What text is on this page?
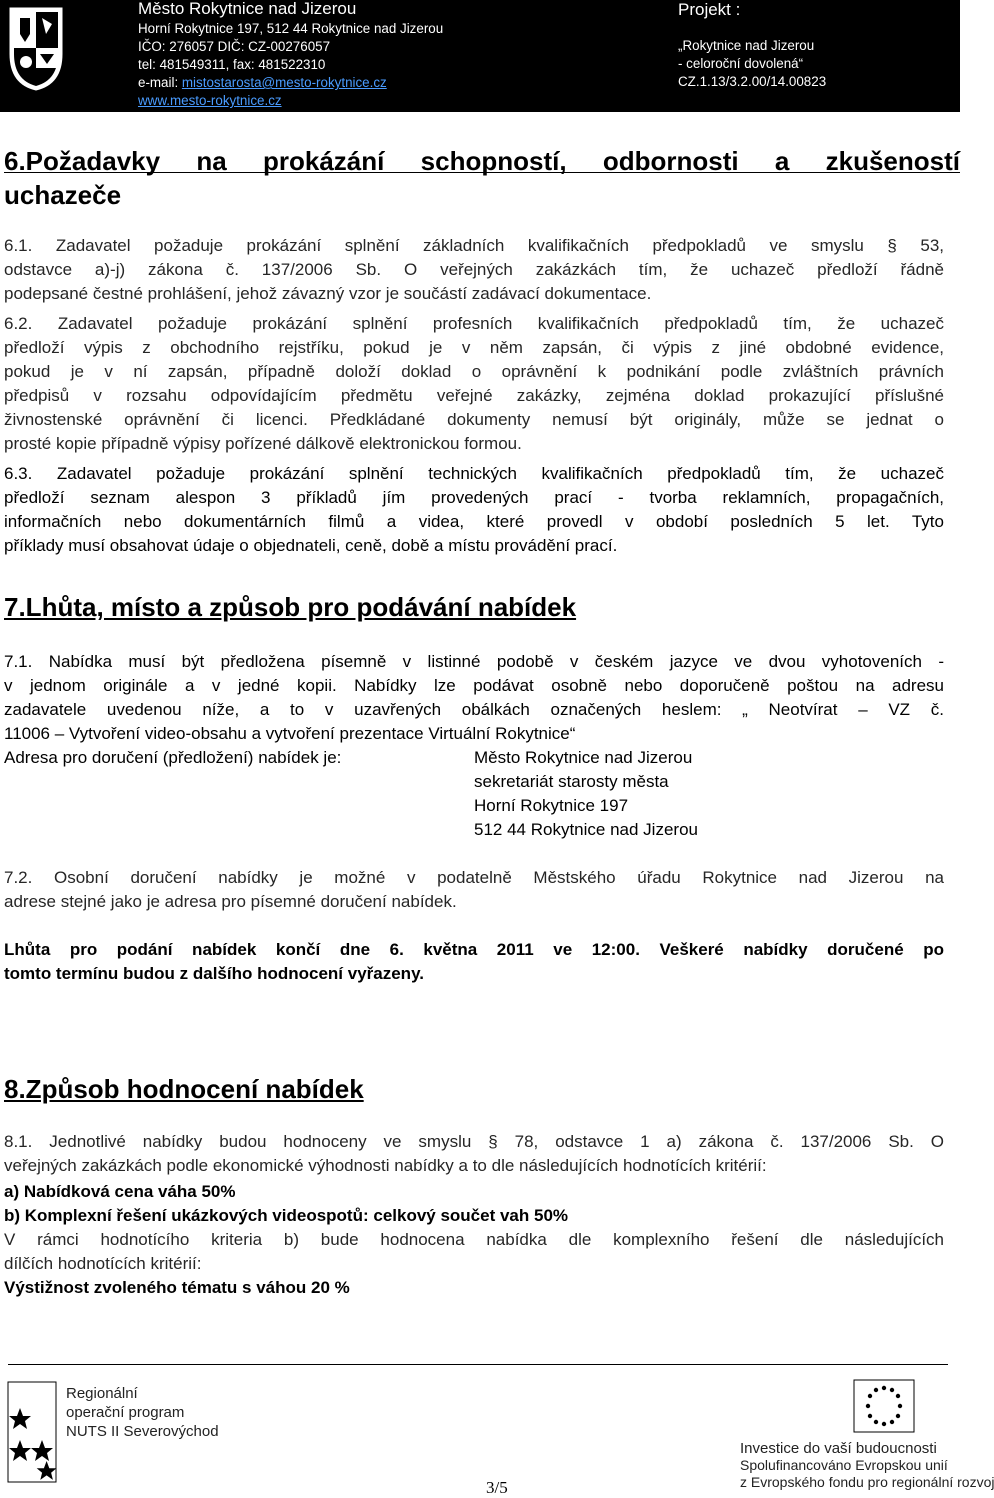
Město Rokytnice nad Jizerou
Horní Rokytnice 197, 512 44 Rokytnice nad Jizerou
IČO: 276057 DIČ: CZ-00276057
tel: 481549311, fax: 481522310
e-mail: mistostarosta@mesto-rokytnice.cz
www.mesto-rokytnice.cz
Projekt :
„Rokytnice nad Jizerou
- celoroční dovolená“
CZ.1.13/3.2.00/14.00823
6.Požadavky na prokázání schopností, odbornosti a zkušeností
uchazeče
6.1. Zadavatel požaduje prokázání splnění základních kvalifikačních předpokladů ve smyslu § 53,
odstavce a)-j) zákona č. 137/2006 Sb. O veřejných zakázkách tím, že uchazeč předloží řádně
podepsané čestné prohlášení, jehož závazný vzor je součástí zadávací dokumentace.
6.2. Zadavatel požaduje prokázání splnění profesních kvalifikačních předpokladů tím, že uchazeč
předloží výpis z obchodního rejstříku, pokud je v něm zapsán, či výpis z jiné obdobné evidence,
pokud je v ní zapsán, případně doloží doklad o oprávnění k podnikání podle zvláštních právních
předpisů v rozsahu odpovídajícím předmětu veřejné zakázky, zejména doklad prokazující příslušné
živnostenské oprávnění či licenci. Předkládané dokumenty nemusí být originály, může se jednat o
prosté kopie případně výpisy pořízené dálkově elektronickou formou.
6.3. Zadavatel požaduje prokázání splnění technických kvalifikačních předpokladů tím, že uchazeč
předloží seznam alespon 3 příkladů jím provedených prací - tvorba reklamních, propagačních,
informačních nebo dokumentárních filmů a videa, které provedl v období posledních 5 let. Tyto
příklady musí obsahovat údaje o objednateli, ceně, době a místu provádění prací.
7.Lhůta, místo a způsob pro podávání nabídek
7.1. Nabídka musí být předložena písemně v listinné podobě v českém jazyce ve dvou vyhotoveních -
v jednom originále a v jedné kopii. Nabídky lze podávat osobně nebo doporučeně poštou na adresu
zadavatele uvedenou níže, a to v uzavřených obálkách označených heslem: „ Neotvírat – VZ č.
11006 – Vytvoření video-obsahu a vytvoření prezentace Virtuální Rokytnice“
Adresa pro doručení (předložení) nabídek je:	Město Rokytnice nad Jizerou
sekretariát starosty města
Horní Rokytnice 197
512 44 Rokytnice nad Jizerou
7.2. Osobní doručení nabídky je možné v podatelně Městského úřadu Rokytnice nad Jizerou na
adrese stejné jako je adresa pro písemné doručení nabídek.
Lhůta pro podání nabídek končí dne 6. května 2011 ve 12:00. Veškeré nabídky doručené po
tomto termínu budou z dalšího hodnocení vyřazeny.
8.Způsob hodnocení nabídek
8.1. Jednotlivé nabídky budou hodnoceny ve smyslu § 78, odstavce 1 a) zákona č. 137/2006 Sb. O
veřejných zakázkách podle ekonomické výhodnosti nabídky a to dle následujících hodnotících kritérií:
a) Nabídková cena váha 50%
b) Komplexní řešení ukázkových videospotů: celkový součet vah 50%
V rámci hodnotícího kriteria b) bude hodnocena nabídka dle komplexního řešení dle následujících
dílčích hodnotících kritérií:
Výstižnost zvoleného tématu s váhou 20 %
Regionální
operační program
NUTS II Severovýchod
Investice do vaší budoucnosti
Spolufinancováno Evropskou unií
z Evropského fondu pro regionální rozvoj
3/5
